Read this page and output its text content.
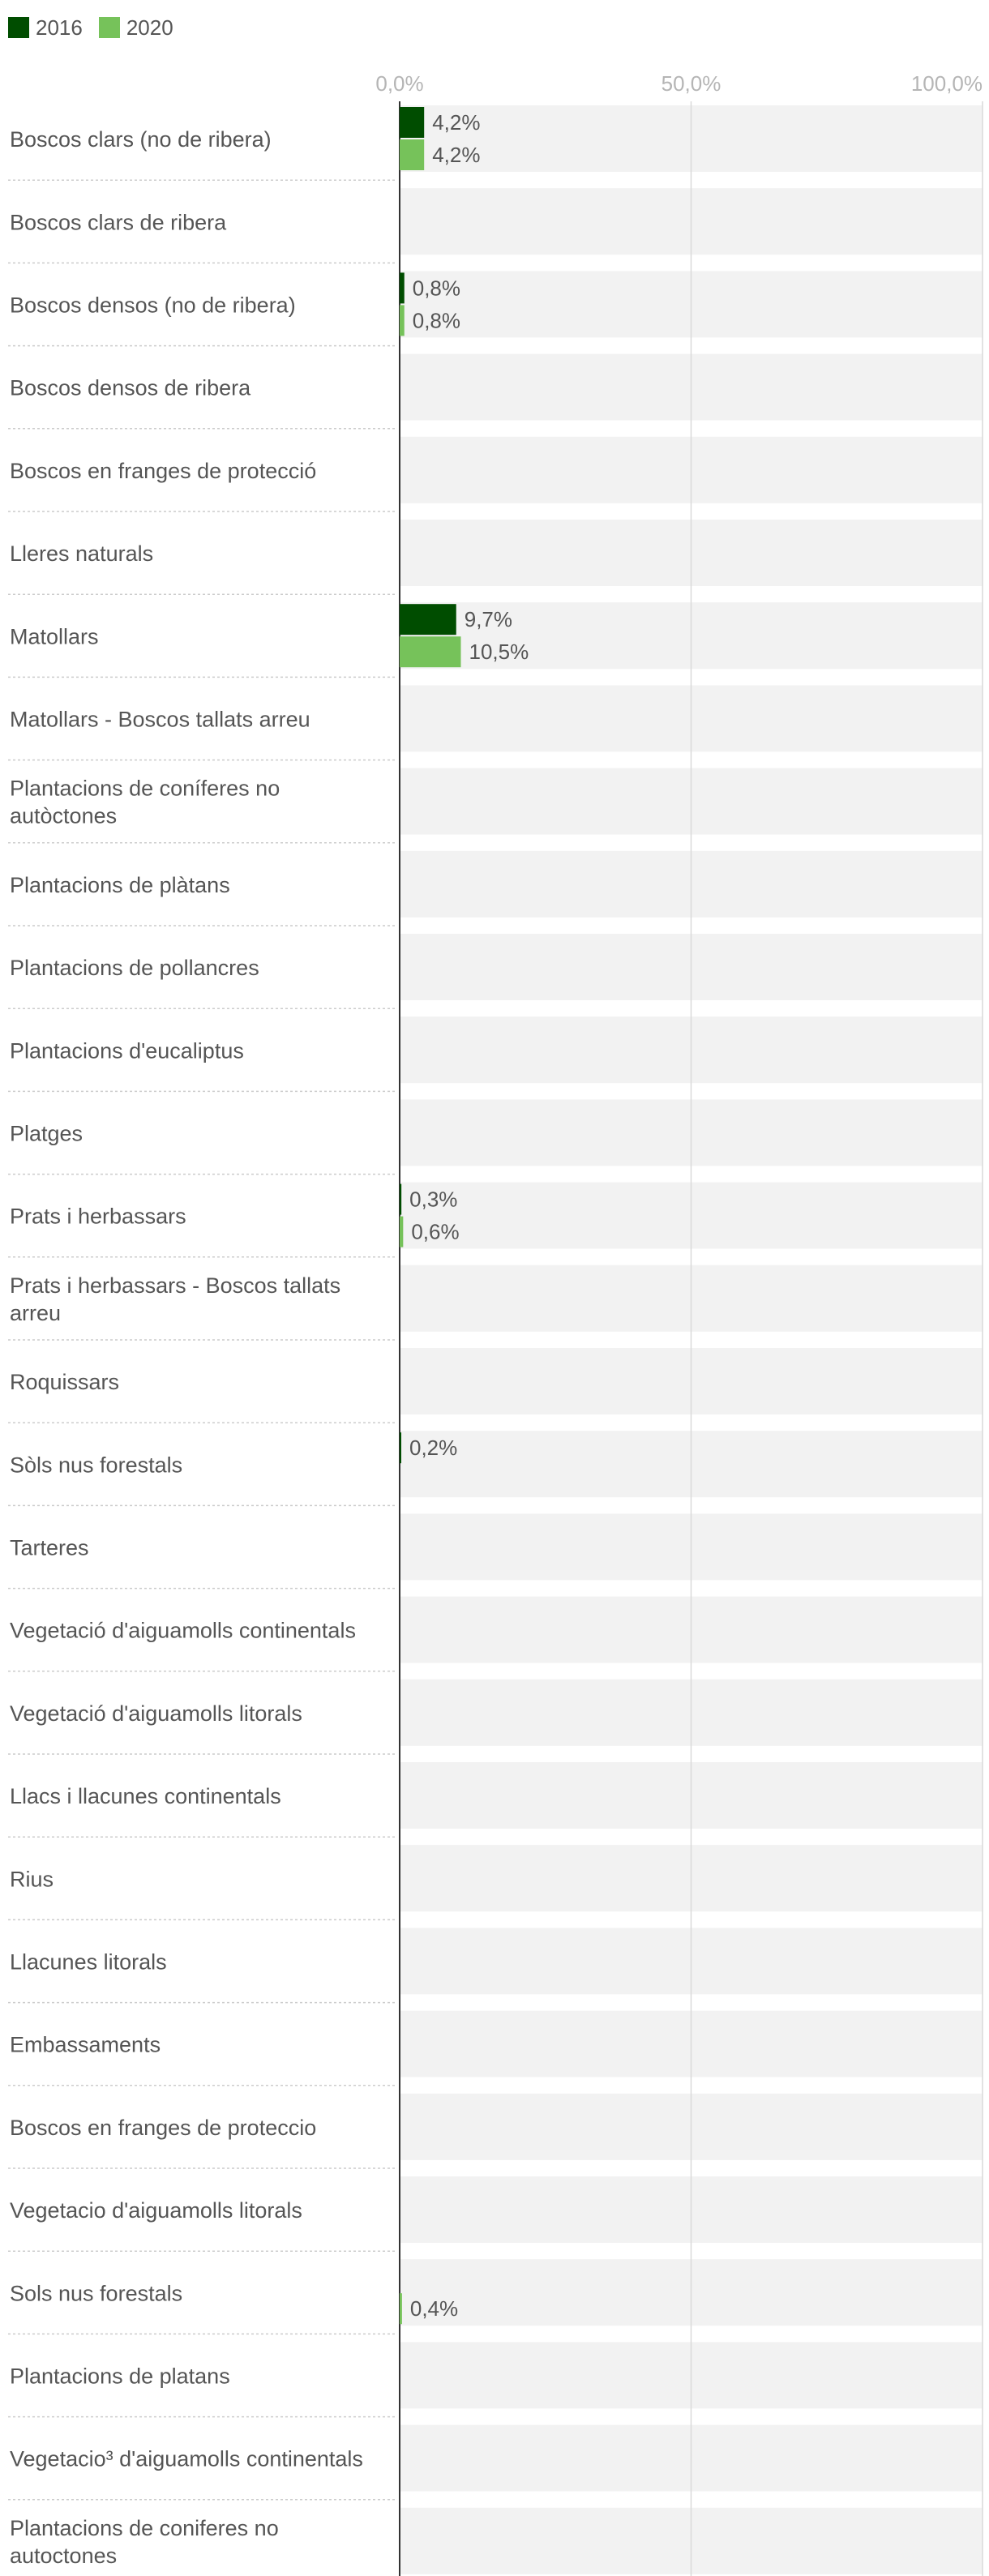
2016 2020
0,0%	50,0%	100,0%
Boscos clars (no de ribera)
4,2%
4,2%
Boscos clars de ribera
Boscos densos (no de ribera)
0,8%
0,8%
Boscos densos de ribera
Boscos en franges de protecció
Lleres naturals
Matollars
9,7%
10,5%
Matollars - Boscos tallats arreu
Plantacions de coníferes no
autòctones
Plantacions de plàtans
Plantacions de pollancres
Plantacions d'eucaliptus
Platges
Prats i herbassars
0,3%
0,6%
Prats i herbassars - Boscos tallats
arreu
Roquissars
Sòls nus forestals
0,2%
Tarteres
Vegetació d'aiguamolls continentals
Vegetació d'aiguamolls litorals
Llacs i llacunes continentals
Rius
Llacunes litorals
Embassaments
Boscos en franges de proteccio
Vegetacio d'aiguamolls litorals
Sols nus forestals
0,4%
Plantacions de platans
Vegetacio³ d'aiguamolls continentals
Plantacions de coniferes no
autoctones
